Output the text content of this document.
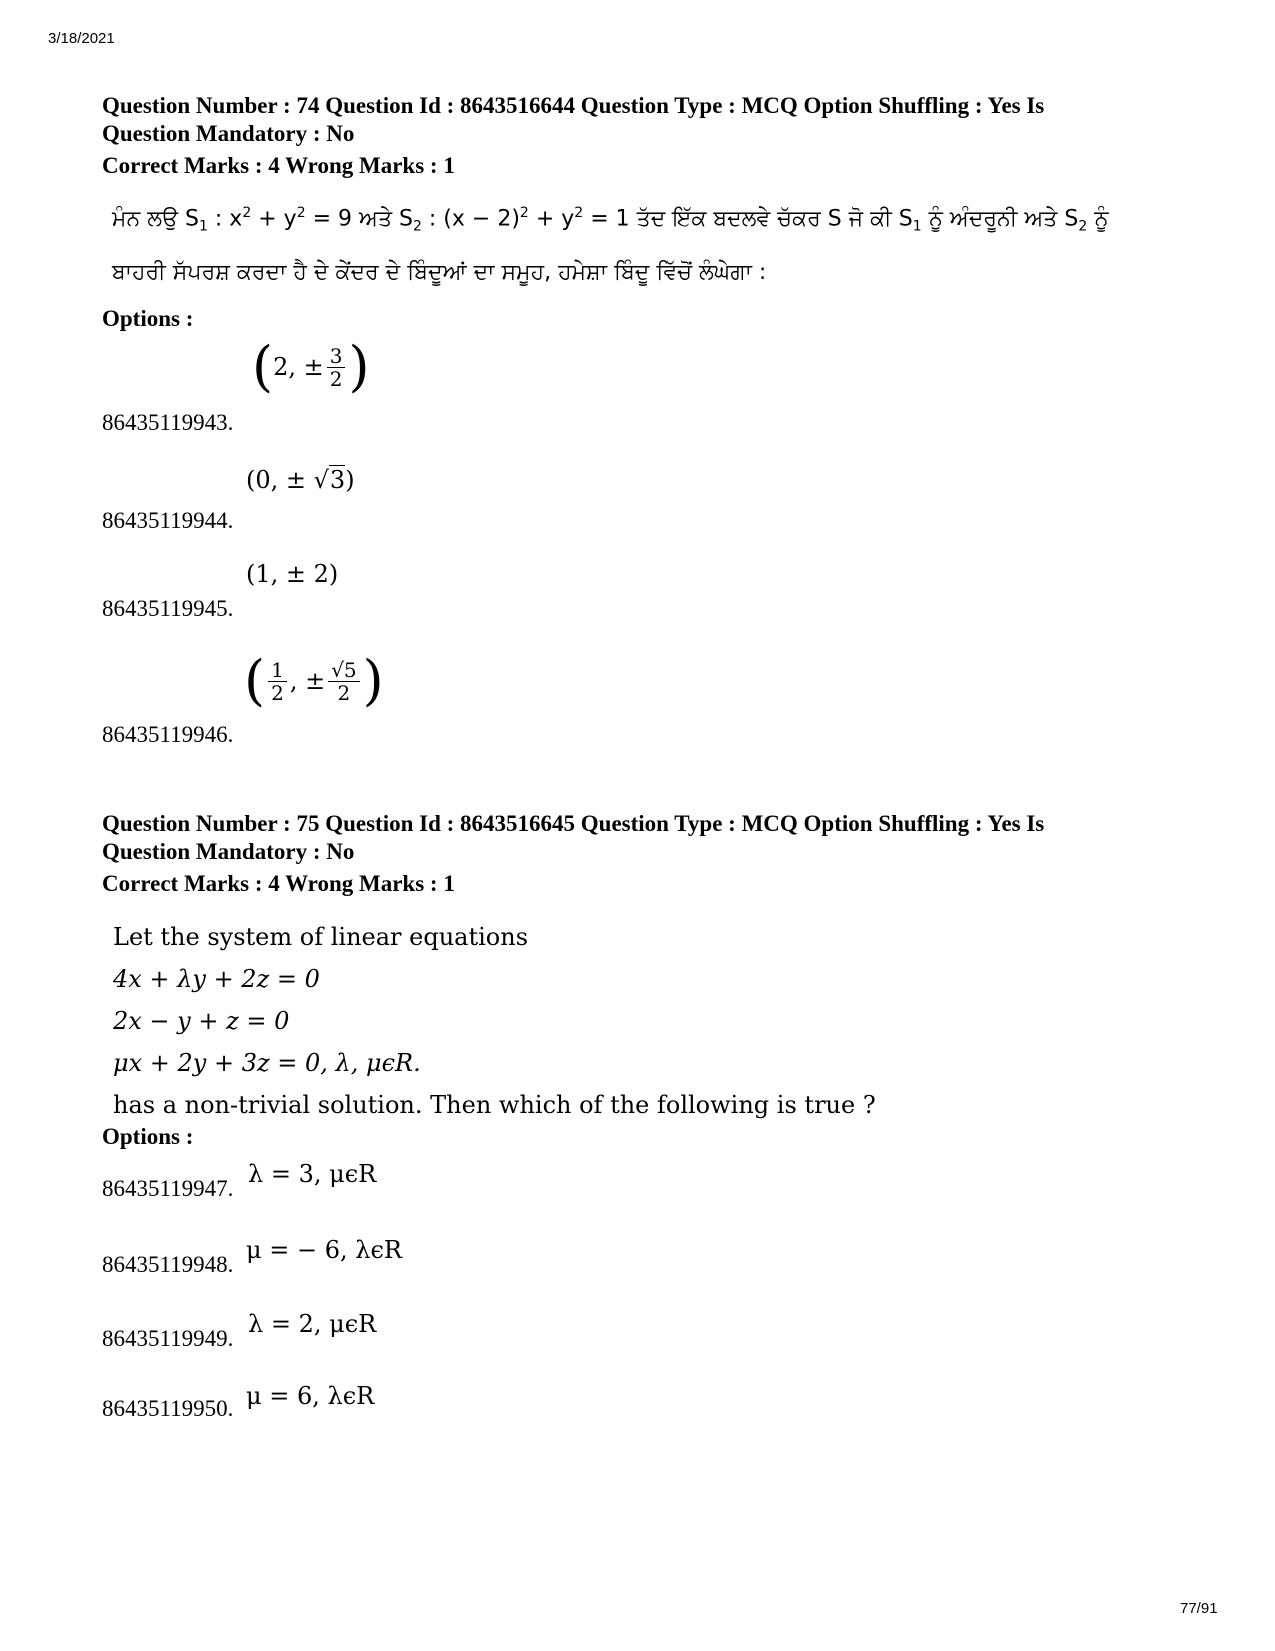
3/18/2021
Question Number : 74 Question Id : 8643516644 Question Type : MCQ Option Shuffling : Yes Is
Question Mandatory : No
Correct Marks : 4 Wrong Marks : 1
ਮੰਨ ਲਉ $S_1$ : $x^2 + y^2 = 9$ ਅਤੇ $S_2$ : $(x - 2)^2 + y^2 = 1$ ਤੱਦ ਇੱਕ ਬਦਲਵੇ ਚੱਕਰ S ਜੋ ਕੀ $S_1$ ਨੂੰ ਅੰਦਰੂਨੀ ਅਤੇ $S_2$ ਨੂੰ
ਬਾਹਰੀ ਸੱਪਰਸ਼ ਕਰਦਾ ਹੈ ਦੇ ਕੇਂਦਰ ਦੇ ਬਿੰਦੂਆਂ ਦਾ ਸਮੂਹ, ਹਮੇਸ਼ਾ ਬਿੰਦੂ ਵਿੱਚੋਂ ਲੰਘੇਗਾ :
Options :
86435119943.
(2, ± $\frac{3}{2}$ )
86435119944.
(0, ± √3)
86435119945.
(1, ± 2)
86435119946.
( $\frac{1}{2}$ , ± $\frac{√5}{2}$ )
Question Number : 75 Question Id : 8643516645 Question Type : MCQ Option Shuffling : Yes Is
Question Mandatory : No
Correct Marks : 4 Wrong Marks : 1
Let the system of linear equations
4x + λy + 2z = 0
2x − y + z = 0
μx + 2y + 3z = 0, λ, μϵR.
has a non-trivial solution. Then which of the following is true ?
Options :
86435119947.
λ = 3, μϵR
86435119948.
μ = − 6, λϵR
86435119949.
λ = 2, μϵR
86435119950. μ = 6, λϵR
77/91
